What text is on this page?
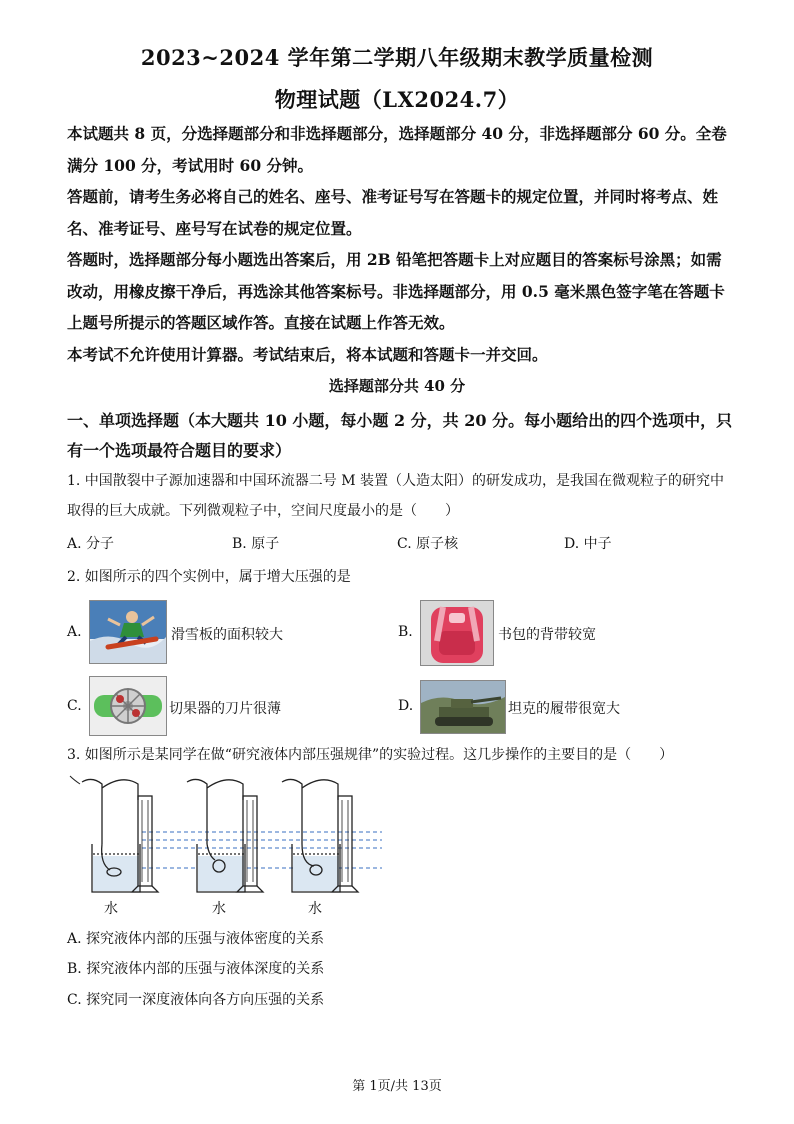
2023~2024 学年第二学期八年级期末教学质量检测
物理试题（LX2024.7）

本试题共 8 页，分选择题部分和非选择题部分，选择题部分 40 分，非选择题部分 60 分。全卷满分 100 分，考试用时 60 分钟。

答题前，请考生务必将自己的姓名、座号、准考证号写在答题卡的规定位置，并同时将考点、姓名、准考证号、座号写在试卷的规定位置。

答题时，选择题部分每小题选出答案后，用 2B 铅笔把答题卡上对应题目的答案标号涂黑；如需改动，用橡皮擦干净后，再选涂其他答案标号。非选择题部分，用 0.5 毫米黑色签字笔在答题卡上题号所提示的答题区域作答。直接在试题上作答无效。

本考试不允许使用计算器。考试结束后，将本试题和答题卡一并交回。

选择题部分共 40 分
一、单项选择题（本大题共 10 小题，每小题 2 分，共 20 分。每小题给出的四个选项中，只有一个选项最符合题目的要求）
1. 中国散裂中子源加速器和中国环流器二号 M 装置（人造太阳）的研发成功，是我国在微观粒子的研究中取得的巨大成就。下列微观粒子中，空间尺度最小的是（　　）
A. 分子	B. 原子	C. 原子核	D. 中子
2. 如图所示的四个实例中，属于增大压强的是
A.	滑雪板的面积较大	B.	书包的背带较宽
C.	切果器的刀片很薄	D.	坦克的履带很宽大
3. 如图所示是某同学在做“研究液体内部压强规律”的实验过程。这几步操作的主要目的是（　　）
水	水	水
A. 探究液体内部的压强与液体密度的关系
B. 探究液体内部的压强与液体深度的关系
C. 探究同一深度液体向各方向压强的关系
第 1页/共 13页
